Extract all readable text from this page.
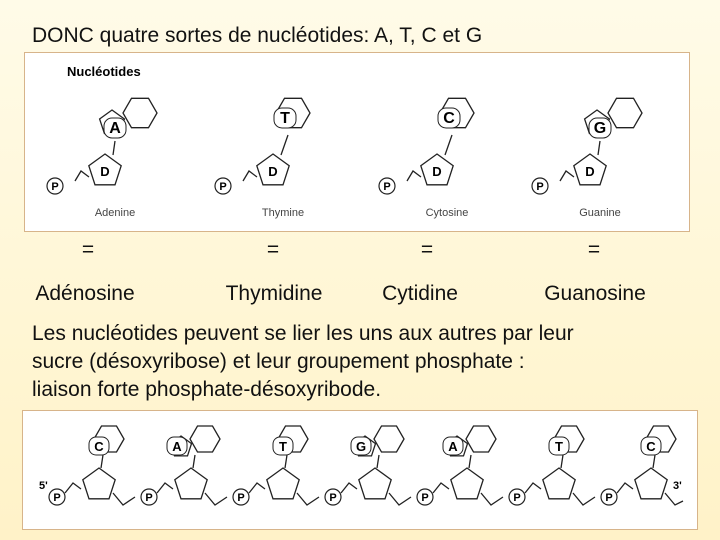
DONC quatre sortes de nucléotides: A, T, C et G
Nucléotides
A
D
P
Adenine
T
D
P
Thymine
C
D
P
Cytosine
G
D
P
Guanine
=	=	=	=
Adénosine	Thymidine	Cytidine	Guanosine
Les nucléotides peuvent se lier les uns aux autres par leur
sucre (désoxyribose) et leur groupement phosphate :
liaison forte phosphate-désoxyribode.
5'	3'
P
C
P
A
P
T
P
G
P
A
P
T
P
C
